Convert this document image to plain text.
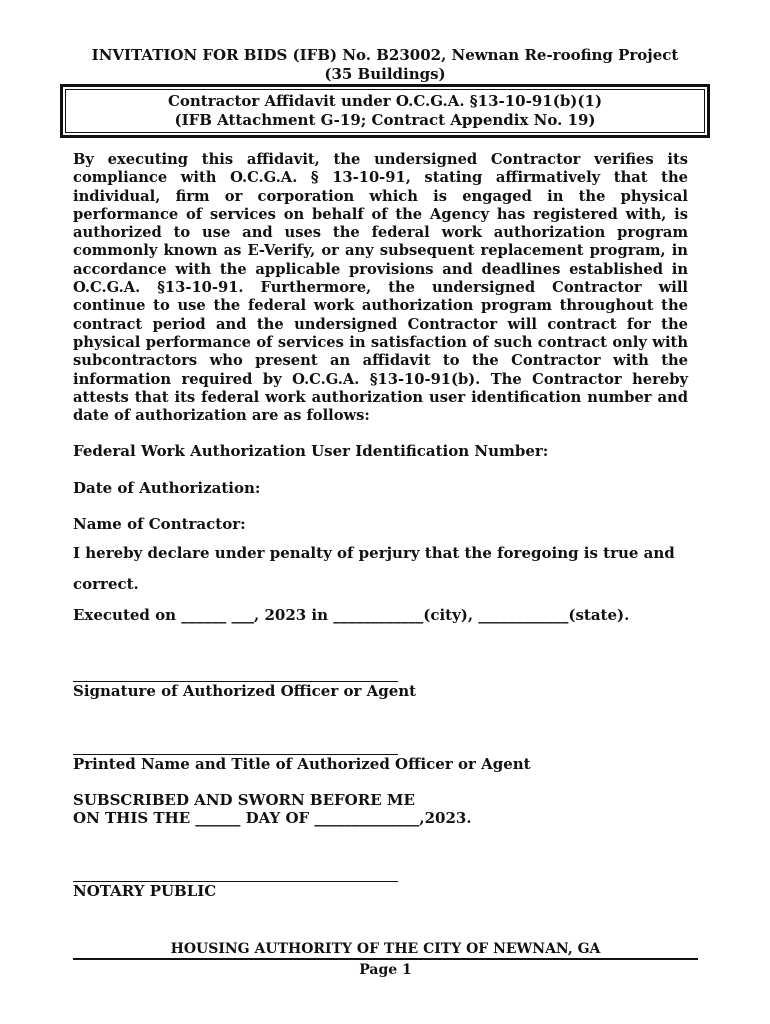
INVITATION FOR BIDS (IFB) No. B23002, Newnan Re-roofing Project
(35 Buildings)
Contractor Affidavit under O.C.G.A. §13-10-91(b)(1)
(IFB Attachment G-19; Contract Appendix No. 19)

By executing this affidavit, the undersigned Contractor verifies its compliance with O.C.G.A. § 13-10-91, stating affirmatively that the individual, firm or corporation which is engaged in the physical performance of services on behalf of the Agency has registered with, is authorized to use and uses the federal work authorization program commonly known as E-Verify, or any subsequent replacement program, in accordance with the applicable provisions and deadlines established in O.C.G.A. §13-10-91. Furthermore, the undersigned Contractor will continue to use the federal work authorization program throughout the contract period and the undersigned Contractor will contract for the physical performance of services in satisfaction of such contract only with subcontractors who present an affidavit to the Contractor with the information required by O.C.G.A. §13-10-91(b). The Contractor hereby attests that its federal work authorization user identification number and date of authorization are as follows:

Federal Work Authorization User Identification Number:
Date of Authorization:
Name of Contractor:
I hereby declare under penalty of perjury that the foregoing is true and
correct.
Executed on ______ ___, 2023 in ____________(city), ____________(state).
Signature of Authorized Officer or Agent
Printed Name and Title of Authorized Officer or Agent
SUBSCRIBED AND SWORN BEFORE ME
ON THIS THE ______ DAY OF ______________,2023.
NOTARY PUBLIC
HOUSING AUTHORITY OF THE CITY OF NEWNAN, GA
Page 1
